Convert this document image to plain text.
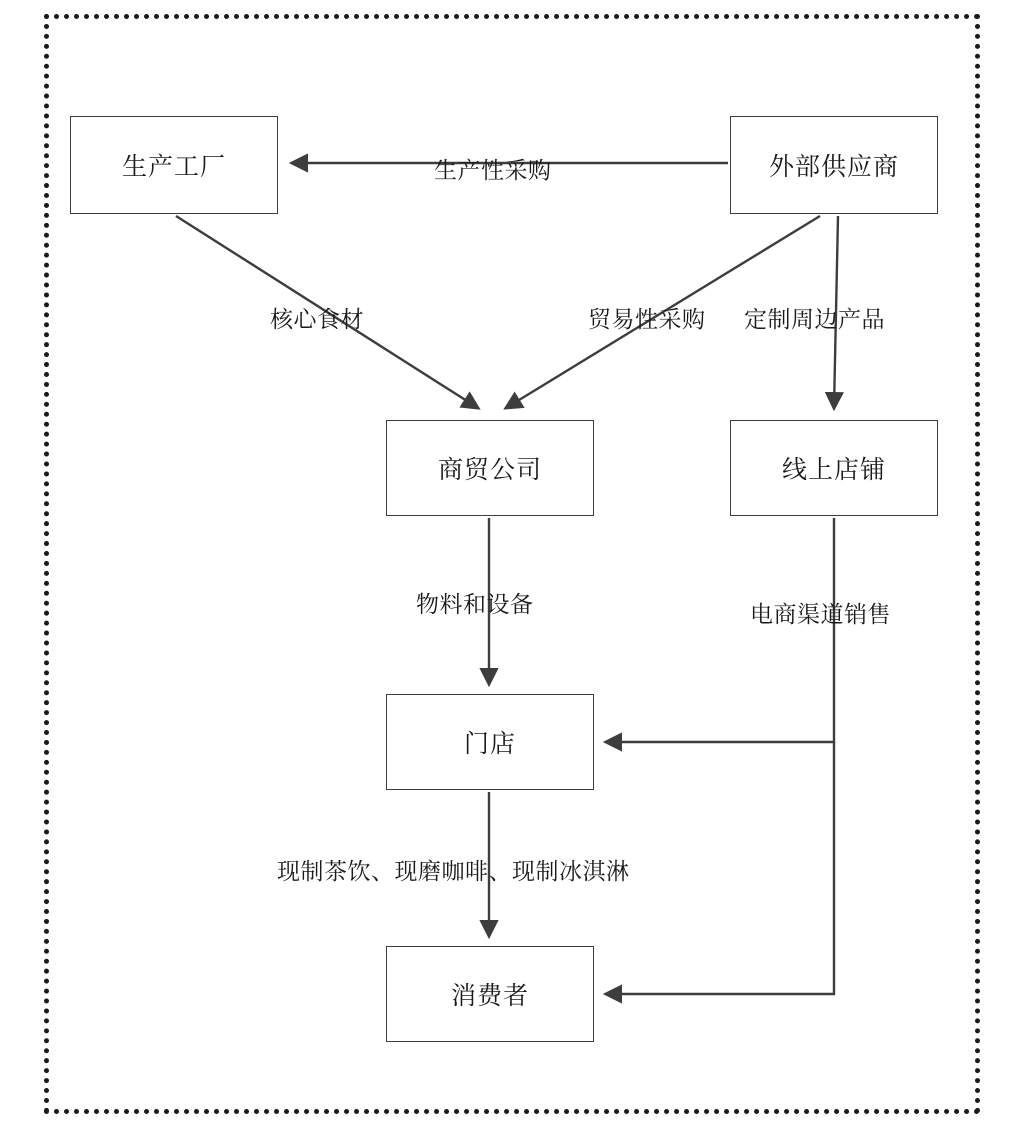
生产工厂	外部供应商
商贸公司	线上店铺
门店
消费者
生产性采购
核心食材	贸易性采购 定制周边产品
物料和设备	电商渠道销售
现制茶饮、现磨咖啡、现制冰淇淋
